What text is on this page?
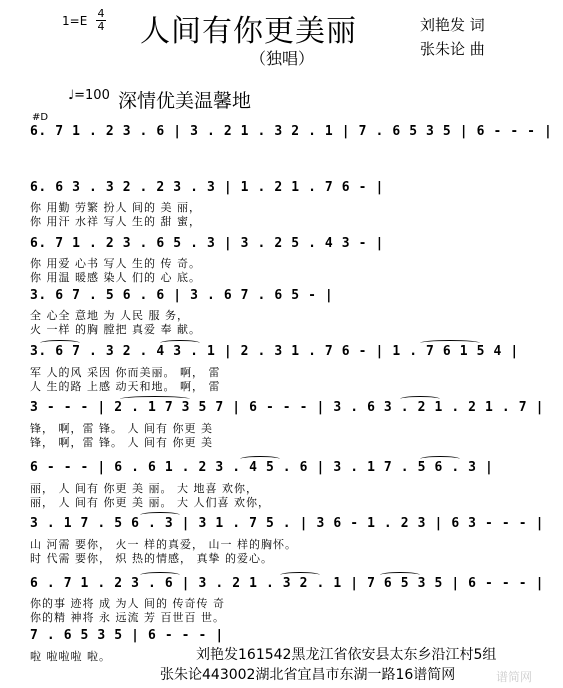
1=E
4
4 人间有你更美丽
（独唱）
刘艳发 词
张朱论 曲
♩=100 深情优美温馨地
#D
6. 7 1 . 2 3 . 6 | 3 . 2 1 . 3 2 . 1 | 7 . 6 5 3 5 | 6 - - - |
6. 6 3 . 3 2 . 2 3 . 3 | 1 . 2 1 . 7 6 - |
你 用勤 劳繁 扮人 间的 美 丽，
你 用汗 水祥 写人 生的 甜 蜜，
6. 7 1 . 2 3 . 6 5 . 3 | 3 . 2 5 . 4 3 - |
你 用爱 心书 写人 生的 传 奇。
你 用温 暖感 染人 们的 心 底。
3. 6 7 . 5 6 . 6 | 3 . 6 7 . 6 5 - |
全 心全 意地 为 人民 服 务，
火 一样 的胸 膛把 真爱 奉 献。
3. 6 7 . 3 2 . 4 3 . 1 | 2 . 3 1 . 7 6 - | 1 . 7 6 1 5 4 |
军 人的风 采因 你而美丽。 啊， 雷
人 生的路 上感 动天和地。 啊， 雷
3 - - - | 2 . 1 7 3 5 7 | 6 - - - | 3 . 6 3 . 2 1 . 2 1 . 7 |
锋， 啊，雷 锋。 人 间有 你更 美
锋， 啊，雷 锋。 人 间有 你更 美
6 - - - | 6 . 6 1 . 2 3 . 4 5 . 6 | 3 . 1 7 . 5 6 . 3 |
丽， 人 间有 你更 美 丽。 大 地喜 欢你，
丽， 人 间有 你更 美 丽。 大 人们喜 欢你，
3 . 1 7 . 5 6 . 3 | 3 1 . 7 5 . | 3 6 - 1 . 2 3 | 6 3 - - - |
山 河需 要你， 火一 样的真爱， 山一 样的胸怀。
时 代需 要你， 炽 热的情感， 真挚 的爱心。
6 . 7 1 . 2 3 . 6 | 3 . 2 1 . 3 2 . 1 | 7 6 5 3 5 | 6 - - - |
你的事 迹将 成 为人 间的 传奇传 奇
你的精 神将 永 远流 芳 百世百 世。
7 . 6 5 3 5 | 6 - - - |
啦 啦啦啦 啦。	刘艳发161542黑龙江省依安县太东乡沿江村5组
张朱论443002湖北省宜昌市东湖一路16谱简网	谱简网
